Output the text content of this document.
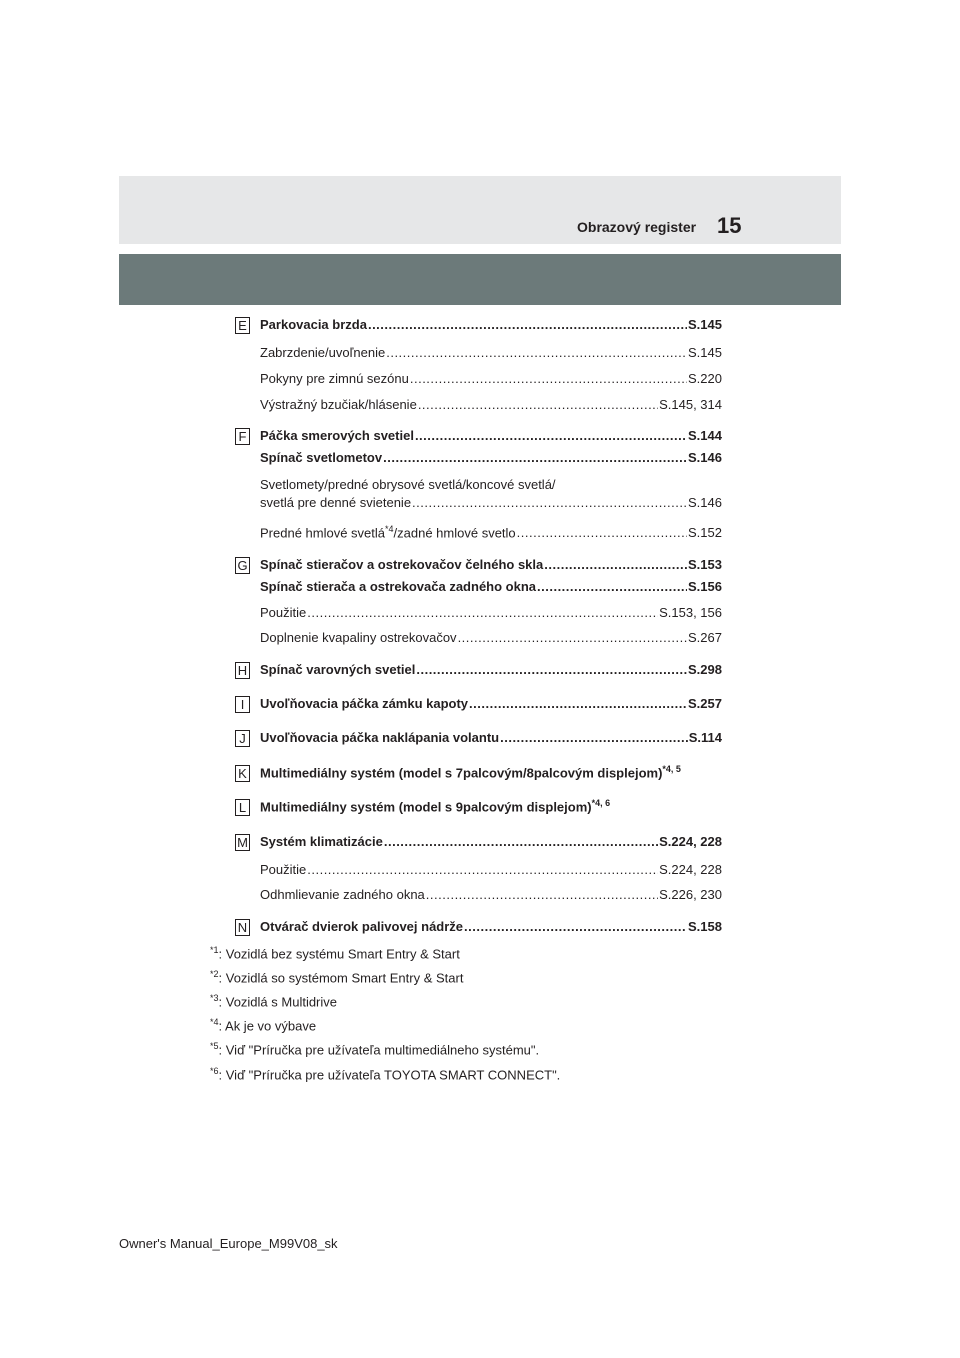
Obrazový register 15
E Parkovacia brzda .....	S.145
Zabrzdenie/uvoľnenie .....	S.145
Pokyny pre zimnú sezónu .....	S.220
Výstražný bzučiak/hlásenie .....	S.145, 314
F Páčka smerových svetiel .....	S.144
Spínač svetlometov .....	S.146
Svetlomety/predné obrysové svetlá/koncové svetlá/
svetlá pre denné svietenie .....	S.146
Predné hmlové svetlá$^{*4}$/zadné hmlové svetlo .....	S.152
G Spínač stieračov a ostrekovačov čelného skla .....	S.153
Spínač stierača a ostrekovača zadného okna .....	S.156
Použitie .....	S.153, 156
Doplnenie kvapaliny ostrekovačov .....	S.267
H Spínač varovných svetiel .....	S.298
I	Uvoľňovacia páčka zámku kapoty .....	S.257
J	Uvoľňovacia páčka naklápania volantu .....	S.114
K Multimediálny systém (model s 7palcovým/8palcovým displejom)$^{*4, 5}$
L Multimediálny systém (model s 9palcovým displejom)$^{*4, 6}$
M Systém klimatizácie .....	S.224, 228
Použitie .....	S.224, 228
Odhmlievanie zadného okna .....	S.226, 230
N Otvárač dvierok palivovej nádrže .....	S.158
$^{*1}$: Vozidlá bez systému Smart Entry & Start
$^{*2}$: Vozidlá so systémom Smart Entry & Start
$^{*3}$: Vozidlá s Multidrive
$^{*4}$: Ak je vo výbave
$^{*5}$: Viď "Príručka pre užívateľa multimediálneho systému".
$^{*6}$: Viď "Príručka pre užívateľa TOYOTA SMART CONNECT".
Owner's Manual_Europe_M99V08_sk
